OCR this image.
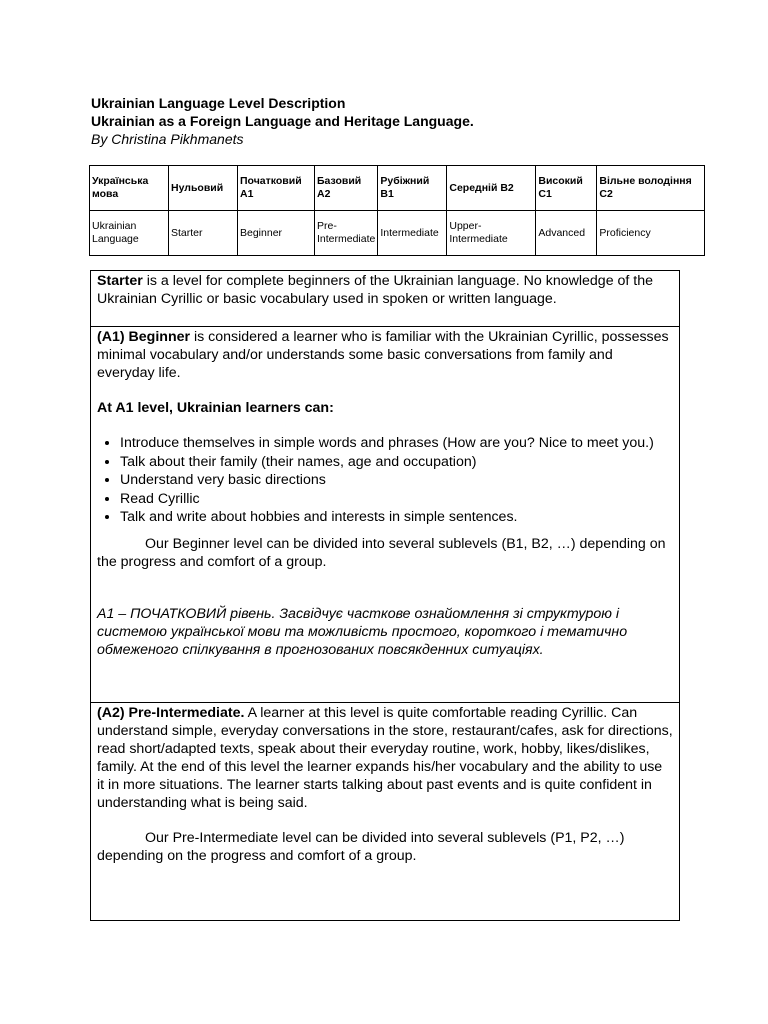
Ukrainian Language Level Description

Ukrainian as a Foreign Language and Heritage Language.

By Christina Pikhmanets

Українська мова	Нульовий	Початковий A1	Базовий A2	Рубіжний B1	Середній B2	Високий C1	Вільне володіння C2
Ukrainian Language	Starter	Beginner	Pre-Intermediate	Intermediate	Upper-Intermediate	Advanced	Proficiency

Starter is a level for complete beginners of the Ukrainian language. No knowledge of the Ukrainian Cyrillic or basic vocabulary used in spoken or written language.

(A1) Beginner is considered a learner who is familiar with the Ukrainian Cyrillic, possesses minimal vocabulary and/or understands some basic conversations from family and everyday life.

At A1 level, Ukrainian learners can:

• Introduce themselves in simple words and phrases (How are you? Nice to meet you.)
• Talk about their family (their names, age and occupation)
• Understand very basic directions
• Read Cyrillic
• Talk and write about hobbies and interests in simple sentences.

Our Beginner level can be divided into several sublevels (B1, B2, …) depending on the progress and comfort of a group.

A1 – ПОЧАТКОВИЙ рівень. Засвідчує часткове ознайомлення зі структурою і системою української мови та можливість простого, короткого і тематично обмеженого спілкування в прогнозованих повсякденних ситуаціях.

(A2) Pre-Intermediate. A learner at this level is quite comfortable reading Cyrillic. Can understand simple, everyday conversations in the store, restaurant/cafes, ask for directions, read short/adapted texts, speak about their everyday routine, work, hobby, likes/dislikes, family. At the end of this level the learner expands his/her vocabulary and the ability to use it in more situations. The learner starts talking about past events and is quite confident in understanding what is being said.

Our Pre-Intermediate level can be divided into several sublevels (P1, P2, …) depending on the progress and comfort of a group.
